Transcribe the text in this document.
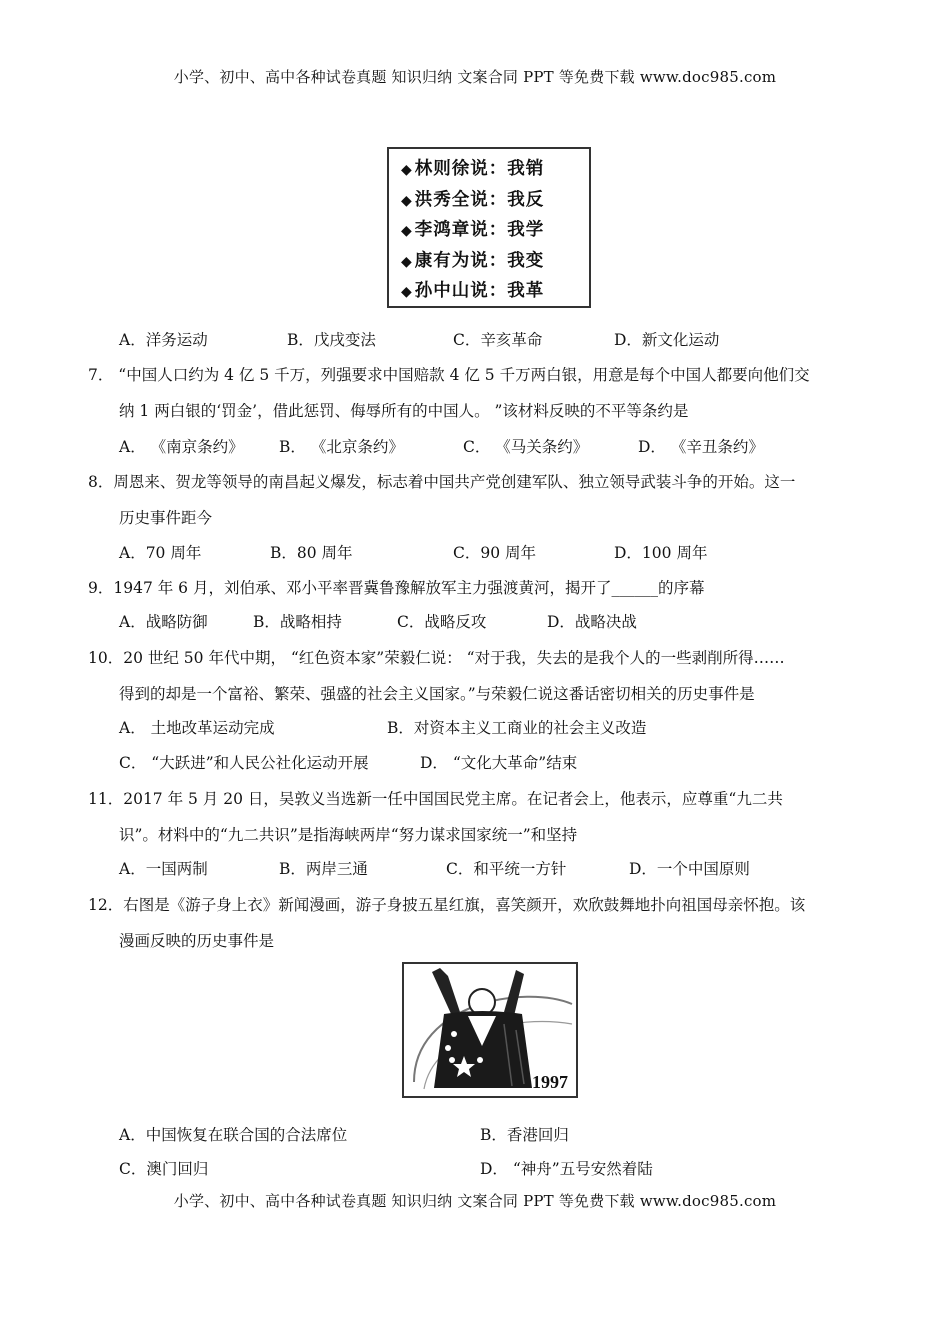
小学、初中、高中各种试卷真题 知识归纳 文案合同 PPT 等免费下载 www.doc985.com
◆ 林则徐说：我销
◆ 洪秀全说：我反
◆ 李鸿章说：我学
◆ 康有为说：我变
◆ 孙中山说：我革
A．洋务运动	B．戊戌变法	C．辛亥革命	D．新文化运动
7． “中国人口约为 4 亿 5 千万，列强要求中国赔款 4 亿 5 千万两白银，用意是每个中国人都要向他们交
纳 1 两白银的‘罚金’，借此惩罚、侮辱所有的中国人。 ”该材料反映的不平等条约是
A． 《南京条约》 B． 《北京条约》	C． 《马关条约》	D． 《辛丑条约》
8．周恩来、贺龙等领导的南昌起义爆发，标志着中国共产党创建军队、独立领导武装斗争的开始。这一
历史事件距今
A．70 周年	B．80 周年	C．90 周年	D．100 周年
9．1947 年 6 月，刘伯承、邓小平率晋冀鲁豫解放军主力强渡黄河，揭开了______的序幕
A．战略防御	B．战略相持	C．战略反攻	D．战略决战
10．20 世纪 50 年代中期， “红色资本家”荣毅仁说： “对于我，失去的是我个人的一些剥削所得……
得到的却是一个富裕、繁荣、强盛的社会主义国家。”与荣毅仁说这番话密切相关的历史事件是
A． 土地改革运动完成	B．对资本主义工商业的社会主义改造
C． “大跃进”和人民公社化运动开展	D． “文化大革命”结束
11．2017 年 5 月 20 日，吴敦义当选新一任中国国民党主席。在记者会上，他表示，应尊重“九二共
识”。材料中的“九二共识”是指海峡两岸“努力谋求国家统一”和坚持
A．一国两制	B．两岸三通	C．和平统一方针	D．一个中国原则
12．右图是《游子身上衣》新闻漫画，游子身披五星红旗，喜笑颜开，欢欣鼓舞地扑向祖国母亲怀抱。该
漫画反映的历史事件是
1997
A．中国恢复在联合国的合法席位	B．香港回归
C．澳门回归	D． “神舟”五号安然着陆
小学、初中、高中各种试卷真题 知识归纳 文案合同 PPT 等免费下载 www.doc985.com
